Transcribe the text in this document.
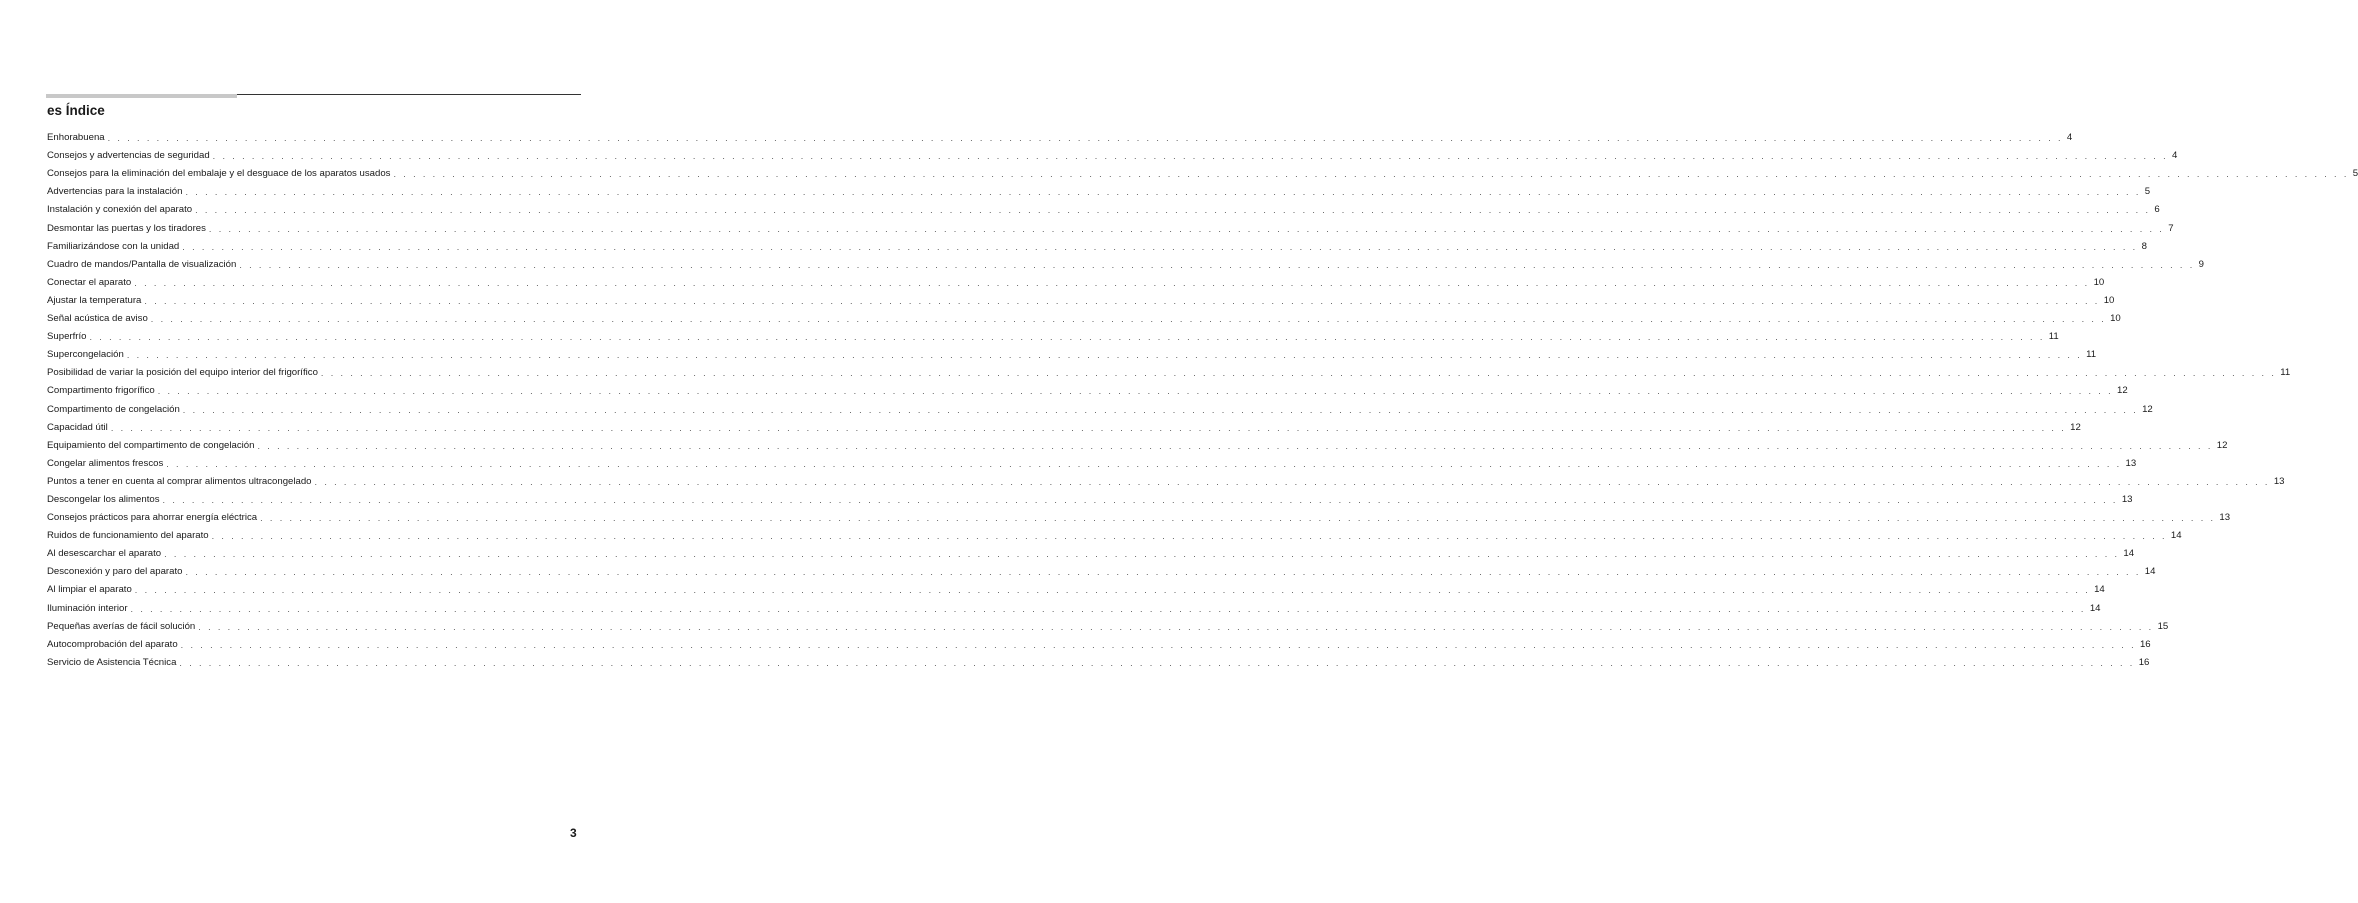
es Índice
Enhorabuena . . . . . . . . . . . . . . . . . . . . . . . . . . . . . . . . . . . . . . . . . . . . . . . . . . . . . . . . . . . . . . . . . . . . . . . . . . . . . . . . . . . . . . . . . . . . . . . . . . . . . . . . . . . . . . . . . . . . . . . . . . . . . . . . . . . . . . . . . . . . . . . . . . . . . . . . . . . . . . . . . . . . . . . . . . . . . . . . . . . . . . . . . . . . . . . . . . . . . . . . 4
Consejos y advertencias de seguridad . . . . . . . . . . . . . . . . . . . . . . . . . . . . . . . . . . . . . . . . . . . . . . . . . . . . . . . . . . . . . . . . . . . . . . . . . . . . . . . . . . . . . . . . . . . . . . . . . . . . . . . . . . . . . . . . . . . . . . . . . . . . . . . . . . . . . . . . . . . . . . . . . . . . . . . . . . . . . . . . . . . . . . . . . . . . . . . . . . . . . . . . . . . . . . . . . . . . . . . . 4
Consejos para la eliminación del embalaje y el desguace de los aparatos usados . . . . . . . . . . . . . . . . . . . . . . . . . . . . . . . . . . . . . . . . . . . . . . . . . . . . . . . . . . . . . . . . . . . . . . . . . . . . . . . . . . . . . . . . . . . . . . . . . . . . . . . . . . . . . . . . . . . . . . . . . . . . . . . . . . . . . . . . . . . . . . . . . . . . . . . . . . . . . . . . . . . . . . . . . . . . . . . . . . . . . . . . . . . . . . . . . . . . . . . . 5
Advertencias para la instalación . . . . . . . . . . . . . . . . . . . . . . . . . . . . . . . . . . . . . . . . . . . . . . . . . . . . . . . . . . . . . . . . . . . . . . . . . . . . . . . . . . . . . . . . . . . . . . . . . . . . . . . . . . . . . . . . . . . . . . . . . . . . . . . . . . . . . . . . . . . . . . . . . . . . . . . . . . . . . . . . . . . . . . . . . . . . . . . . . . . . . . . . . . . . . . . . . . . . . . . . 5
Instalación y conexión del aparato . . . . . . . . . . . . . . . . . . . . . . . . . . . . . . . . . . . . . . . . . . . . . . . . . . . . . . . . . . . . . . . . . . . . . . . . . . . . . . . . . . . . . . . . . . . . . . . . . . . . . . . . . . . . . . . . . . . . . . . . . . . . . . . . . . . . . . . . . . . . . . . . . . . . . . . . . . . . . . . . . . . . . . . . . . . . . . . . . . . . . . . . . . . . . . . . . . . . . . . . 6
Desmontar las puertas y los tiradores . . . . . . . . . . . . . . . . . . . . . . . . . . . . . . . . . . . . . . . . . . . . . . . . . . . . . . . . . . . . . . . . . . . . . . . . . . . . . . . . . . . . . . . . . . . . . . . . . . . . . . . . . . . . . . . . . . . . . . . . . . . . . . . . . . . . . . . . . . . . . . . . . . . . . . . . . . . . . . . . . . . . . . . . . . . . . . . . . . . . . . . . . . . . . . . . . . . . . . . . 7
Familiarizándose con la unidad . . . . . . . . . . . . . . . . . . . . . . . . . . . . . . . . . . . . . . . . . . . . . . . . . . . . . . . . . . . . . . . . . . . . . . . . . . . . . . . . . . . . . . . . . . . . . . . . . . . . . . . . . . . . . . . . . . . . . . . . . . . . . . . . . . . . . . . . . . . . . . . . . . . . . . . . . . . . . . . . . . . . . . . . . . . . . . . . . . . . . . . . . . . . . . . . . . . . . . . . 8
Cuadro de mandos/Pantalla de visualización . . . . . . . . . . . . . . . . . . . . . . . . . . . . . . . . . . . . . . . . . . . . . . . . . . . . . . . . . . . . . . . . . . . . . . . . . . . . . . . . . . . . . . . . . . . . . . . . . . . . . . . . . . . . . . . . . . . . . . . . . . . . . . . . . . . . . . . . . . . . . . . . . . . . . . . . . . . . . . . . . . . . . . . . . . . . . . . . . . . . . . . . . . . . . . . . . . . . . . . . 9
Conectar el aparato . . . . . . . . . . . . . . . . . . . . . . . . . . . . . . . . . . . . . . . . . . . . . . . . . . . . . . . . . . . . . . . . . . . . . . . . . . . . . . . . . . . . . . . . . . . . . . . . . . . . . . . . . . . . . . . . . . . . . . . . . . . . . . . . . . . . . . . . . . . . . . . . . . . . . . . . . . . . . . . . . . . . . . . . . . . . . . . . . . . . . . . . . . . . . . . . . . . . . . . . 10
Ajustar la temperatura . . . . . . . . . . . . . . . . . . . . . . . . . . . . . . . . . . . . . . . . . . . . . . . . . . . . . . . . . . . . . . . . . . . . . . . . . . . . . . . . . . . . . . . . . . . . . . . . . . . . . . . . . . . . . . . . . . . . . . . . . . . . . . . . . . . . . . . . . . . . . . . . . . . . . . . . . . . . . . . . . . . . . . . . . . . . . . . . . . . . . . . . . . . . . . . . . . . . . . . . 10
Señal acústica de aviso . . . . . . . . . . . . . . . . . . . . . . . . . . . . . . . . . . . . . . . . . . . . . . . . . . . . . . . . . . . . . . . . . . . . . . . . . . . . . . . . . . . . . . . . . . . . . . . . . . . . . . . . . . . . . . . . . . . . . . . . . . . . . . . . . . . . . . . . . . . . . . . . . . . . . . . . . . . . . . . . . . . . . . . . . . . . . . . . . . . . . . . . . . . . . . . . . . . . . . . . 10
Superfrío . . . . . . . . . . . . . . . . . . . . . . . . . . . . . . . . . . . . . . . . . . . . . . . . . . . . . . . . . . . . . . . . . . . . . . . . . . . . . . . . . . . . . . . . . . . . . . . . . . . . . . . . . . . . . . . . . . . . . . . . . . . . . . . . . . . . . . . . . . . . . . . . . . . . . . . . . . . . . . . . . . . . . . . . . . . . . . . . . . . . . . . . . . . . . . . . . . . . . . . . 11
Supercongelación . . . . . . . . . . . . . . . . . . . . . . . . . . . . . . . . . . . . . . . . . . . . . . . . . . . . . . . . . . . . . . . . . . . . . . . . . . . . . . . . . . . . . . . . . . . . . . . . . . . . . . . . . . . . . . . . . . . . . . . . . . . . . . . . . . . . . . . . . . . . . . . . . . . . . . . . . . . . . . . . . . . . . . . . . . . . . . . . . . . . . . . . . . . . . . . . . . . . . . . . 11
Posibilidad de variar la posición del equipo interior del frigorífico . . . . . . . . . . . . . . . . . . . . . . . . . . . . . . . . . . . . . . . . . . . . . . . . . . . . . . . . . . . . . . . . . . . . . . . . . . . . . . . . . . . . . . . . . . . . . . . . . . . . . . . . . . . . . . . . . . . . . . . . . . . . . . . . . . . . . . . . . . . . . . . . . . . . . . . . . . . . . . . . . . . . . . . . . . . . . . . . . . . . . . . . . . . . . . . . . . . . . . . . 11
Compartimento frigorífico . . . . . . . . . . . . . . . . . . . . . . . . . . . . . . . . . . . . . . . . . . . . . . . . . . . . . . . . . . . . . . . . . . . . . . . . . . . . . . . . . . . . . . . . . . . . . . . . . . . . . . . . . . . . . . . . . . . . . . . . . . . . . . . . . . . . . . . . . . . . . . . . . . . . . . . . . . . . . . . . . . . . . . . . . . . . . . . . . . . . . . . . . . . . . . . . . . . . . . . . 12
Compartimento de congelación . . . . . . . . . . . . . . . . . . . . . . . . . . . . . . . . . . . . . . . . . . . . . . . . . . . . . . . . . . . . . . . . . . . . . . . . . . . . . . . . . . . . . . . . . . . . . . . . . . . . . . . . . . . . . . . . . . . . . . . . . . . . . . . . . . . . . . . . . . . . . . . . . . . . . . . . . . . . . . . . . . . . . . . . . . . . . . . . . . . . . . . . . . . . . . . . . . . . . . . . 12
Capacidad útil . . . . . . . . . . . . . . . . . . . . . . . . . . . . . . . . . . . . . . . . . . . . . . . . . . . . . . . . . . . . . . . . . . . . . . . . . . . . . . . . . . . . . . . . . . . . . . . . . . . . . . . . . . . . . . . . . . . . . . . . . . . . . . . . . . . . . . . . . . . . . . . . . . . . . . . . . . . . . . . . . . . . . . . . . . . . . . . . . . . . . . . . . . . . . . . . . . . . . . . . 12
Equipamiento del compartimento de congelación . . . . . . . . . . . . . . . . . . . . . . . . . . . . . . . . . . . . . . . . . . . . . . . . . . . . . . . . . . . . . . . . . . . . . . . . . . . . . . . . . . . . . . . . . . . . . . . . . . . . . . . . . . . . . . . . . . . . . . . . . . . . . . . . . . . . . . . . . . . . . . . . . . . . . . . . . . . . . . . . . . . . . . . . . . . . . . . . . . . . . . . . . . . . . . . . . . . . . . . . 12
Congelar alimentos frescos . . . . . . . . . . . . . . . . . . . . . . . . . . . . . . . . . . . . . . . . . . . . . . . . . . . . . . . . . . . . . . . . . . . . . . . . . . . . . . . . . . . . . . . . . . . . . . . . . . . . . . . . . . . . . . . . . . . . . . . . . . . . . . . . . . . . . . . . . . . . . . . . . . . . . . . . . . . . . . . . . . . . . . . . . . . . . . . . . . . . . . . . . . . . . . . . . . . . . . . . 13
Puntos a tener en cuenta al comprar alimentos ultracongelado . . . . . . . . . . . . . . . . . . . . . . . . . . . . . . . . . . . . . . . . . . . . . . . . . . . . . . . . . . . . . . . . . . . . . . . . . . . . . . . . . . . . . . . . . . . . . . . . . . . . . . . . . . . . . . . . . . . . . . . . . . . . . . . . . . . . . . . . . . . . . . . . . . . . . . . . . . . . . . . . . . . . . . . . . . . . . . . . . . . . . . . . . . . . . . . . . . . . . . . . 13
Descongelar los alimentos . . . . . . . . . . . . . . . . . . . . . . . . . . . . . . . . . . . . . . . . . . . . . . . . . . . . . . . . . . . . . . . . . . . . . . . . . . . . . . . . . . . . . . . . . . . . . . . . . . . . . . . . . . . . . . . . . . . . . . . . . . . . . . . . . . . . . . . . . . . . . . . . . . . . . . . . . . . . . . . . . . . . . . . . . . . . . . . . . . . . . . . . . . . . . . . . . . . . . . . . 13
Consejos prácticos para ahorrar energía eléctrica . . . . . . . . . . . . . . . . . . . . . . . . . . . . . . . . . . . . . . . . . . . . . . . . . . . . . . . . . . . . . . . . . . . . . . . . . . . . . . . . . . . . . . . . . . . . . . . . . . . . . . . . . . . . . . . . . . . . . . . . . . . . . . . . . . . . . . . . . . . . . . . . . . . . . . . . . . . . . . . . . . . . . . . . . . . . . . . . . . . . . . . . . . . . . . . . . . . . . . . . 13
Ruidos de funcionamiento del aparato . . . . . . . . . . . . . . . . . . . . . . . . . . . . . . . . . . . . . . . . . . . . . . . . . . . . . . . . . . . . . . . . . . . . . . . . . . . . . . . . . . . . . . . . . . . . . . . . . . . . . . . . . . . . . . . . . . . . . . . . . . . . . . . . . . . . . . . . . . . . . . . . . . . . . . . . . . . . . . . . . . . . . . . . . . . . . . . . . . . . . . . . . . . . . . . . . . . . . . . . 14
Al desescarchar el aparato . . . . . . . . . . . . . . . . . . . . . . . . . . . . . . . . . . . . . . . . . . . . . . . . . . . . . . . . . . . . . . . . . . . . . . . . . . . . . . . . . . . . . . . . . . . . . . . . . . . . . . . . . . . . . . . . . . . . . . . . . . . . . . . . . . . . . . . . . . . . . . . . . . . . . . . . . . . . . . . . . . . . . . . . . . . . . . . . . . . . . . . . . . . . . . . . . . . . . . . . 14
Desconexión y paro del aparato . . . . . . . . . . . . . . . . . . . . . . . . . . . . . . . . . . . . . . . . . . . . . . . . . . . . . . . . . . . . . . . . . . . . . . . . . . . . . . . . . . . . . . . . . . . . . . . . . . . . . . . . . . . . . . . . . . . . . . . . . . . . . . . . . . . . . . . . . . . . . . . . . . . . . . . . . . . . . . . . . . . . . . . . . . . . . . . . . . . . . . . . . . . . . . . . . . . . . . . . 14
Al limpiar el aparato . . . . . . . . . . . . . . . . . . . . . . . . . . . . . . . . . . . . . . . . . . . . . . . . . . . . . . . . . . . . . . . . . . . . . . . . . . . . . . . . . . . . . . . . . . . . . . . . . . . . . . . . . . . . . . . . . . . . . . . . . . . . . . . . . . . . . . . . . . . . . . . . . . . . . . . . . . . . . . . . . . . . . . . . . . . . . . . . . . . . . . . . . . . . . . . . . . . . . . . . 14
Iluminación interior . . . . . . . . . . . . . . . . . . . . . . . . . . . . . . . . . . . . . . . . . . . . . . . . . . . . . . . . . . . . . . . . . . . . . . . . . . . . . . . . . . . . . . . . . . . . . . . . . . . . . . . . . . . . . . . . . . . . . . . . . . . . . . . . . . . . . . . . . . . . . . . . . . . . . . . . . . . . . . . . . . . . . . . . . . . . . . . . . . . . . . . . . . . . . . . . . . . . . . . . 14
Pequeñas averías de fácil solución . . . . . . . . . . . . . . . . . . . . . . . . . . . . . . . . . . . . . . . . . . . . . . . . . . . . . . . . . . . . . . . . . . . . . . . . . . . . . . . . . . . . . . . . . . . . . . . . . . . . . . . . . . . . . . . . . . . . . . . . . . . . . . . . . . . . . . . . . . . . . . . . . . . . . . . . . . . . . . . . . . . . . . . . . . . . . . . . . . . . . . . . . . . . . . . . . . . . . . . . 15
Autocomprobación del aparato . . . . . . . . . . . . . . . . . . . . . . . . . . . . . . . . . . . . . . . . . . . . . . . . . . . . . . . . . . . . . . . . . . . . . . . . . . . . . . . . . . . . . . . . . . . . . . . . . . . . . . . . . . . . . . . . . . . . . . . . . . . . . . . . . . . . . . . . . . . . . . . . . . . . . . . . . . . . . . . . . . . . . . . . . . . . . . . . . . . . . . . . . . . . . . . . . . . . . . . . 16
Servicio de Asistencia Técnica . . . . . . . . . . . . . . . . . . . . . . . . . . . . . . . . . . . . . . . . . . . . . . . . . . . . . . . . . . . . . . . . . . . . . . . . . . . . . . . . . . . . . . . . . . . . . . . . . . . . . . . . . . . . . . . . . . . . . . . . . . . . . . . . . . . . . . . . . . . . . . . . . . . . . . . . . . . . . . . . . . . . . . . . . . . . . . . . . . . . . . . . . . . . . . . . . . . . . . . . 16
3
